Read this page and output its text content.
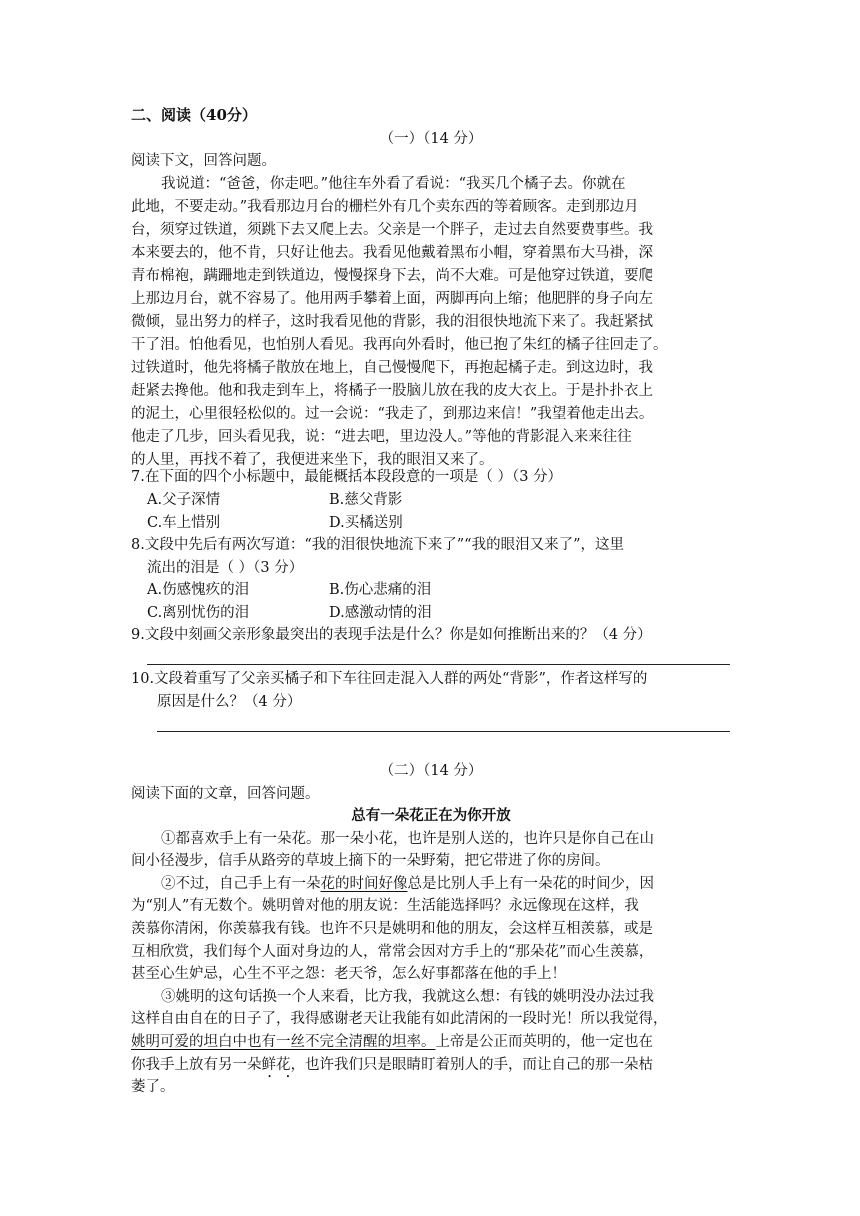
二、阅读（40分）
（一）（14 分）
阅读下文，回答问题。
我说道：“爸爸，你走吧。”他往车外看了看说：“我买几个橘子去。你就在
此地，不要走动。”我看那边月台的栅栏外有几个卖东西的等着顾客。走到那边月
台，须穿过铁道，须跳下去又爬上去。父亲是一个胖子，走过去自然要费事些。我
本来要去的，他不肯，只好让他去。我看见他戴着黑布小帽，穿着黑布大马褂，深
青布棉袍，蹒跚地走到铁道边，慢慢探身下去，尚不大难。可是他穿过铁道，要爬
上那边月台，就不容易了。他用两手攀着上面，两脚再向上缩；他肥胖的身子向左
微倾，显出努力的样子，这时我看见他的背影，我的泪很快地流下来了。我赶紧拭
干了泪。怕他看见，也怕别人看见。我再向外看时，他已抱了朱红的橘子往回走了。
过铁道时，他先将橘子散放在地上，自己慢慢爬下，再抱起橘子走。到这边时，我
赶紧去搀他。他和我走到车上，将橘子一股脑儿放在我的皮大衣上。于是扑扑衣上
的泥土，心里很轻松似的。过一会说：“我走了，到那边来信！”我望着他走出去。
他走了几步，回头看见我，说：“进去吧，里边没人。”等他的背影混入来来往往
的人里，再找不着了，我便进来坐下，我的眼泪又来了。
7.在下面的四个小标题中，最能概括本段段意的一项是（ ）（3 分）
A.父子深情	B.慈父背影
C.车上惜别	D.买橘送别
8.文段中先后有两次写道：“我的泪很快地流下来了”“我的眼泪又来了”，这里
流出的泪是（ ）（3 分）
A.伤感愧疚的泪	B.伤心悲痛的泪
C.离别忧伤的泪	D.感激动情的泪
9.文段中刻画父亲形象最突出的表现手法是什么？你是如何推断出来的？（4 分）
10.文段着重写了父亲买橘子和下车往回走混入人群的两处“背影”，作者这样写的
原因是什么？（4 分）
（二）（14 分）
阅读下面的文章，回答问题。
总有一朵花正在为你开放
①都喜欢手上有一朵花。那一朵小花，也许是别人送的，也许只是你自己在山
间小径漫步，信手从路旁的草坡上摘下的一朵野菊，把它带进了你的房间。
②不过，自己手上有一朵花的时间好像总是比别人手上有一朵花的时间少，因
为“别人”有无数个。姚明曾对他的朋友说：生活能选择吗？永远像现在这样，我
羡慕你清闲，你羡慕我有钱。也许不只是姚明和他的朋友，会这样互相羡慕，或是
互相欣赏，我们每个人面对身边的人，常常会因对方手上的“那朵花”而心生羡慕，
甚至心生妒忌，心生不平之怨：老天爷，怎么好事都落在他的手上！
③姚明的这句话换一个人来看，比方我，我就这么想：有钱的姚明没办法过我
这样自由自在的日子了，我得感谢老天让我能有如此清闲的一段时光！所以我觉得，
姚明可爱的坦白中也有一丝不完全清醒的坦率。上帝是公正而英明的，他一定也在
你我手上放有另一朵鲜花 • •，也许我们只是眼睛盯着别人的手，而让自己的那一朵枯
萎了。
